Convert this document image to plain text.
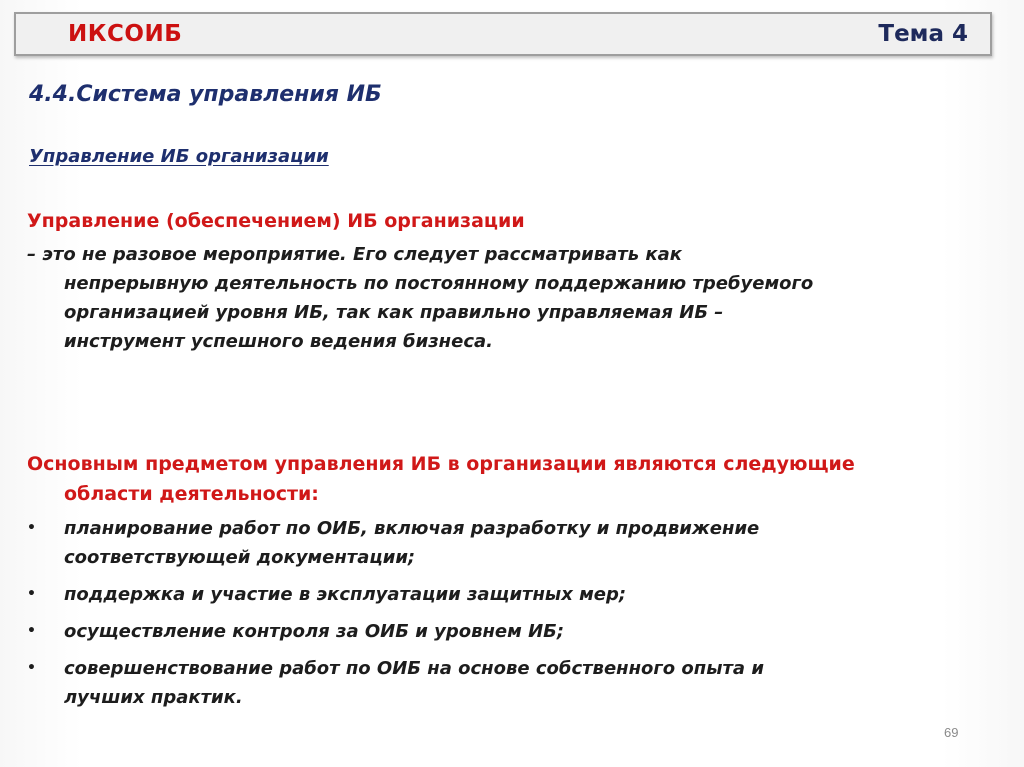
ИКСОИБ	Тема 4
4.4.Система управления ИБ
Управление ИБ организации
Управление (обеспечением) ИБ организации
– это не разовое мероприятие. Его следует рассматривать как
непрерывную деятельность по постоянному поддержанию требуемого
организацией уровня ИБ, так как правильно управляемая ИБ –
инструмент успешного ведения бизнеса.
Основным предметом управления ИБ в организации являются следующие
области деятельности:
• планирование работ по ОИБ, включая разработку и продвижение
соответствующей документации;
• поддержка и участие в эксплуатации защитных мер;
• осуществление контроля за ОИБ и уровнем ИБ;
• совершенствование работ по ОИБ на основе собственного опыта и
лучших практик.
69
